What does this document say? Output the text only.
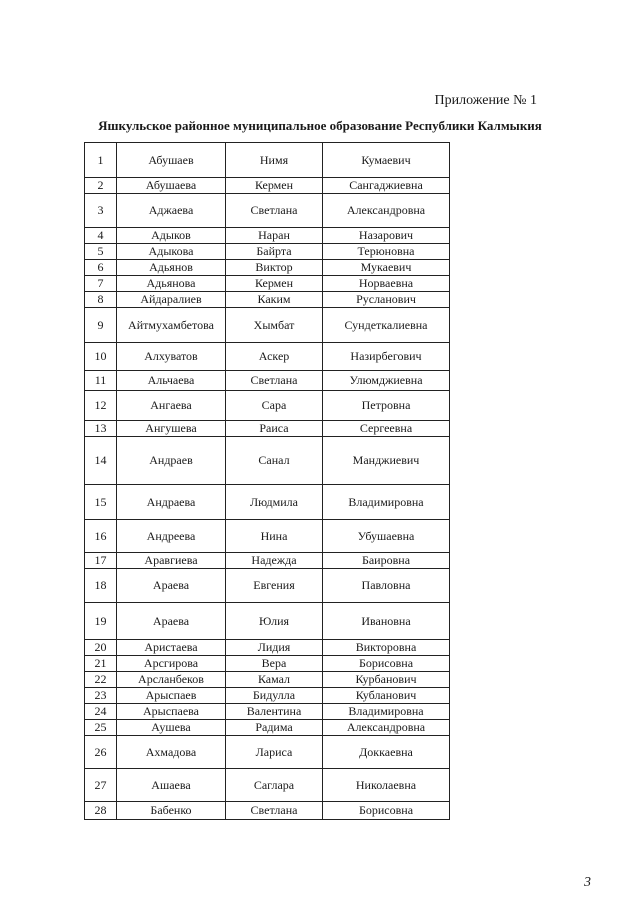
Приложение № 1
Яшкульское районное муниципальное образование Республики Калмыкия
1	Абушаев	Нимя	Кумаевич
2	Абушаева	Кермен	Сангаджиевна
3	Аджаева	Светлана	Александровна
4	Адыков	Наран	Назарович
5	Адыкова	Байрта	Терюновна
6	Адьянов	Виктор	Мукаевич
7	Адьянова	Кермен	Норваевна
8	Айдаралиев	Каким	Русланович
9	Айтмухамбетова	Хымбат	Сундеткалиевна
10	Алхуватов	Аскер	Назирбегович
11	Альчаева	Светлана	Улюмджиевна
12	Ангаева	Сара	Петровна
13	Ангушева	Раиса	Сергеевна
14	Андраев	Санал	Манджиевич
15	Андраева	Людмила	Владимировна
16	Андреева	Нина	Убушаевна
17	Аравгиева	Надежда	Баировна
18	Араева	Евгения	Павловна
19	Араева	Юлия	Ивановна
20	Аристаева	Лидия	Викторовна
21	Арсгирова	Вера	Борисовна
22	Арсланбеков	Камал	Курбанович
23	Арыспаев	Бидулла	Кубланович
24	Арыспаева	Валентина	Владимировна
25	Аушева	Радима	Александровна
26	Ахмадова	Лариса	Доккаевна
27	Ашаева	Саглара	Николаевна
28	Бабенко	Светлана	Борисовна
3
